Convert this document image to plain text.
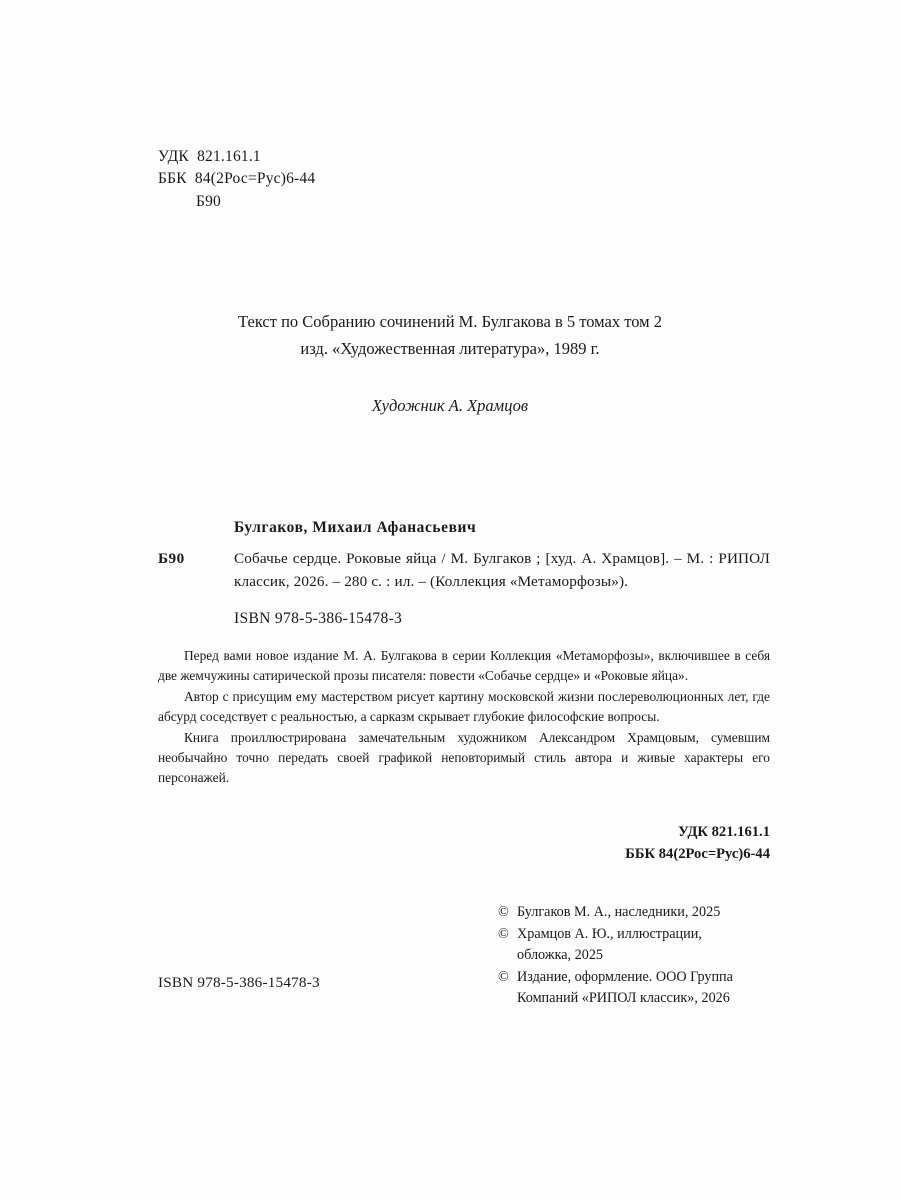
УДК  821.161.1
ББК  84(2Рос=Рус)6-44
Б90
Текст по Собранию сочинений М. Булгакова в 5 томах том 2
изд. «Художественная литература», 1989 г.
Художник А. Храмцов
Булгаков, Михаил Афанасьевич
Б90	Собачье сердце. Роковые яйца / М. Булгаков ; [худ. А. Храмцов]. – М. : РИПОЛ классик, 2026. – 280 с. : ил. – (Коллекция «Метаморфозы»).
ISBN 978-5-386-15478-3

Перед вами новое издание М. А. Булгакова в серии Коллекция «Метаморфозы», включившее в себя две жемчужины сатирической прозы писателя: повести «Собачье сердце» и «Роковые яйца».

Автор с присущим ему мастерством рисует картину московской жизни послереволюционных лет, где абсурд соседствует с реальностью, а сарказм скрывает глубокие философские вопросы.

Книга проиллюстрирована замечательным художником Александром Храмцовым, сумевшим необычайно точно передать своей графикой неповторимый стиль автора и живые характеры его персонажей.

УДК 821.161.1
ББК 84(2Рос=Рус)6-44
© Булгаков М. А., наследники, 2025
© Храмцов А. Ю., иллюстрации,
обложка, 2025
© Издание, оформление. ООО Группа
Компаний «РИПОЛ классик», 2026
ISBN 978-5-386-15478-3
